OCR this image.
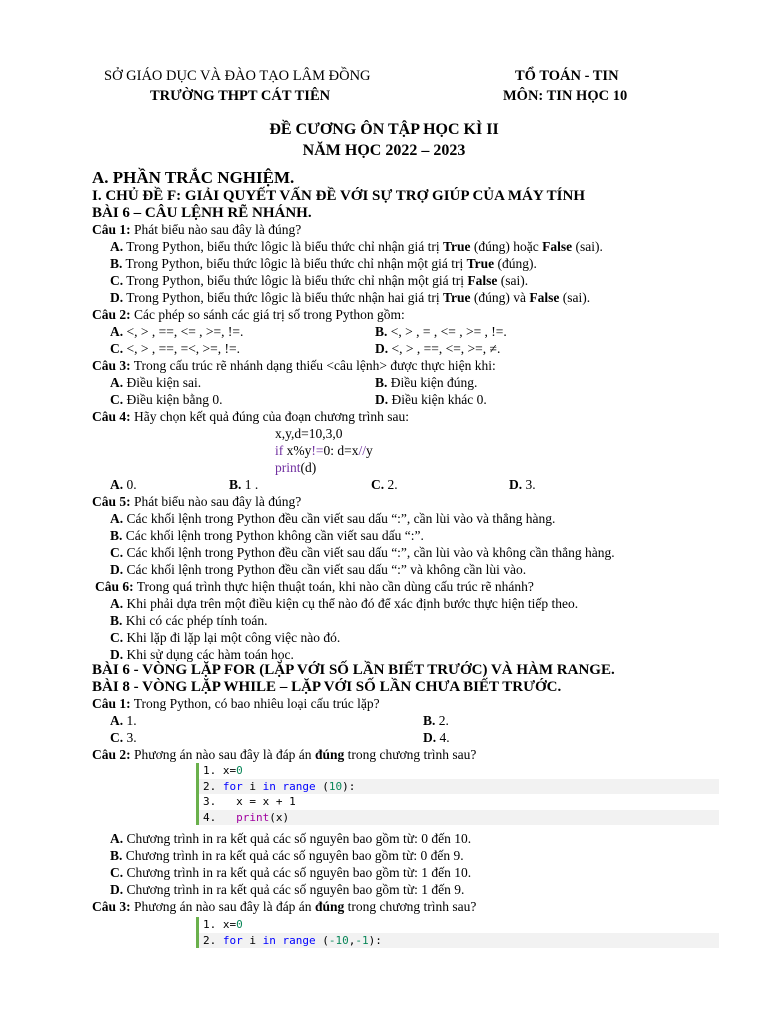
SỞ GIÁO DỤC VÀ ĐÀO TẠO LÂM ĐỒNG
TRƯỜNG THPT CÁT TIÊN
TỔ TOÁN - TIN
MÔN: TIN HỌC 10
ĐỀ CƯƠNG ÔN TẬP HỌC KÌ II
NĂM HỌC 2022 – 2023
A. PHẦN TRẮC NGHIỆM.
I. CHỦ ĐỀ F: GIẢI QUYẾT VẤN ĐỀ VỚI SỰ TRỢ GIÚP CỦA MÁY TÍNH
BÀI 6 – CÂU LỆNH RẼ NHÁNH.
Câu 1: Phát biểu nào sau đây là đúng?
A. Trong Python, biểu thức lôgic là biểu thức chỉ nhận giá trị True (đúng) hoặc False (sai).
B. Trong Python, biểu thức lôgic là biểu thức chỉ nhận một giá trị True (đúng).
C. Trong Python, biểu thức lôgic là biểu thức chỉ nhận một giá trị False (sai).
D. Trong Python, biểu thức lôgic là biểu thức nhận hai giá trị True (đúng) và False (sai).
Câu 2: Các phép so sánh các giá trị số trong Python gồm:
A. <, > , ==, <= , >=, !=.	B. <, > , = , <= , >= , !=.
C. <, > , ==, =<, >=, !=.	D. <, > , ==, <=, >=, ≠.
Câu 3: Trong cấu trúc rẽ nhánh dạng thiếu <câu lệnh> được thực hiện khi:
A. Điều kiện sai.	B. Điều kiện đúng.
C. Điều kiện bằng 0.	D. Điều kiện khác 0.
Câu 4: Hãy chọn kết quả đúng của đoạn chương trình sau:
x,y,d=10,3,0
if x%y!=0: d=x//y
print(d)
A. 0.	B. 1 .	C. 2.	D. 3.
Câu 5: Phát biểu nào sau đây là đúng?
A. Các khối lệnh trong Python đều cần viết sau dấu “:”, cần lùi vào và thẳng hàng.
B. Các khối lệnh trong Python không cần viết sau dấu “:”.
C. Các khối lệnh trong Python đều cần viết sau dấu “:”, cần lùi vào và không cần thẳng hàng.
D. Các khối lệnh trong Python đều cần viết sau dấu “:” và không cần lùi vào.
Câu 6: Trong quá trình thực hiện thuật toán, khi nào cần dùng cấu trúc rẽ nhánh?
A. Khi phải dựa trên một điều kiện cụ thể nào đó để xác định bước thực hiện tiếp theo.
B. Khi có các phép tính toán.
C. Khi lặp đi lặp lại một công việc nào đó.
D. Khi sử dụng các hàm toán học.
BÀI 6 - VÒNG LẶP FOR (LẶP VỚI SỐ LẦN BIẾT TRƯỚC) VÀ HÀM RANGE.
BÀI 8 - VÒNG LẶP WHILE – LẶP VỚI SỐ LẦN CHƯA BIẾT TRƯỚC.
Câu 1: Trong Python, có bao nhiêu loại cấu trúc lặp?
A. 1.	B. 2.
C. 3.	D. 4.
Câu 2: Phương án nào sau đây là đáp án đúng trong chương trình sau?
1. x=0
2. for i in range (10):
3.   x = x + 1
4.   print(x)
A. Chương trình in ra kết quả các số nguyên bao gồm từ: 0 đến 10.
B. Chương trình in ra kết quả các số nguyên bao gồm từ: 0 đến 9.
C. Chương trình in ra kết quả các số nguyên bao gồm từ: 1 đến 10.
D. Chương trình in ra kết quả các số nguyên bao gồm từ: 1 đến 9.
Câu 3: Phương án nào sau đây là đáp án đúng trong chương trình sau?
1. x=0
2. for i in range (-10,-1):
